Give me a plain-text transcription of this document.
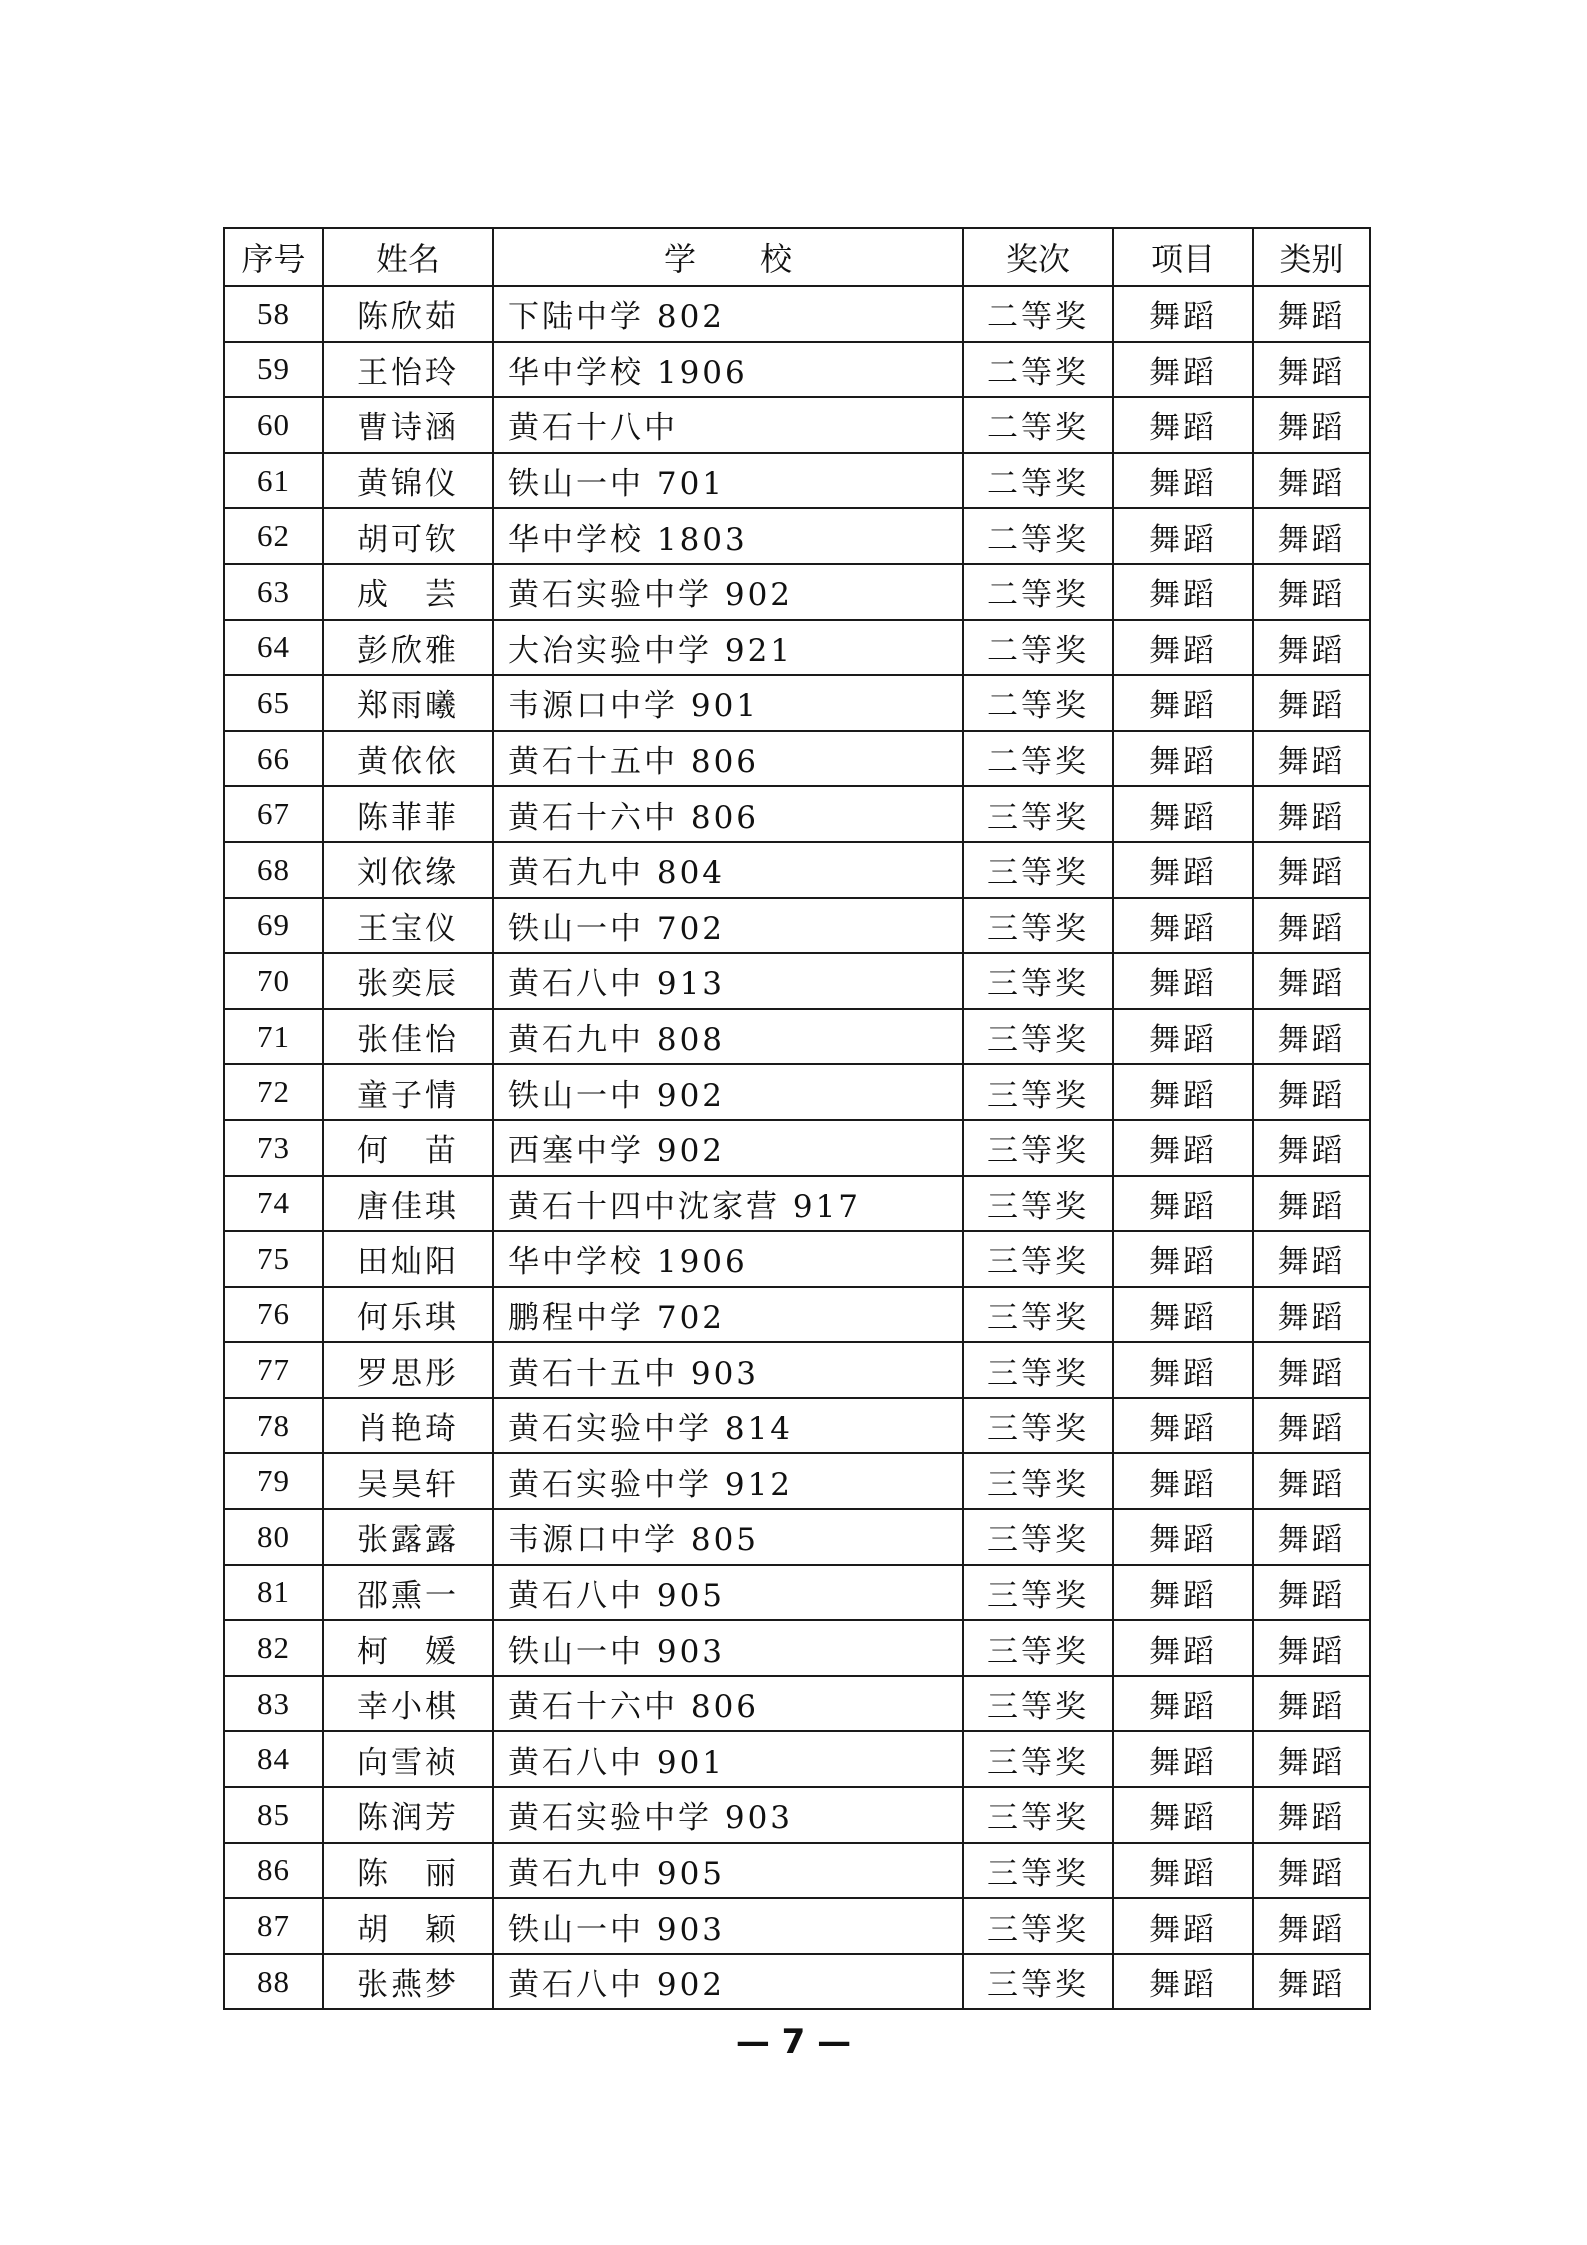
序号	姓名	学　　校	奖次	项目	类别
58	陈欣茹	下陆中学 802	二等奖	舞蹈	舞蹈
59	王怡玲	华中学校 1906	二等奖	舞蹈	舞蹈
60	曹诗涵	黄石十八中	二等奖	舞蹈	舞蹈
61	黄锦仪	铁山一中 701	二等奖	舞蹈	舞蹈
62	胡可钦	华中学校 1803	二等奖	舞蹈	舞蹈
63	成　芸	黄石实验中学 902	二等奖	舞蹈	舞蹈
64	彭欣雅	大冶实验中学 921	二等奖	舞蹈	舞蹈
65	郑雨曦	韦源口中学 901	二等奖	舞蹈	舞蹈
66	黄依依	黄石十五中 806	二等奖	舞蹈	舞蹈
67	陈菲菲	黄石十六中 806	三等奖	舞蹈	舞蹈
68	刘依缘	黄石九中 804	三等奖	舞蹈	舞蹈
69	王宝仪	铁山一中 702	三等奖	舞蹈	舞蹈
70	张奕辰	黄石八中 913	三等奖	舞蹈	舞蹈
71	张佳怡	黄石九中 808	三等奖	舞蹈	舞蹈
72	童子情	铁山一中 902	三等奖	舞蹈	舞蹈
73	何　苗	西塞中学 902	三等奖	舞蹈	舞蹈
74	唐佳琪	黄石十四中沈家营 917	三等奖	舞蹈	舞蹈
75	田灿阳	华中学校 1906	三等奖	舞蹈	舞蹈
76	何乐琪	鹏程中学 702	三等奖	舞蹈	舞蹈
77	罗思彤	黄石十五中 903	三等奖	舞蹈	舞蹈
78	肖艳琦	黄石实验中学 814	三等奖	舞蹈	舞蹈
79	吴昊轩	黄石实验中学 912	三等奖	舞蹈	舞蹈
80	张露露	韦源口中学 805	三等奖	舞蹈	舞蹈
81	邵熏一	黄石八中 905	三等奖	舞蹈	舞蹈
82	柯　媛	铁山一中 903	三等奖	舞蹈	舞蹈
83	幸小棋	黄石十六中 806	三等奖	舞蹈	舞蹈
84	向雪祯	黄石八中 901	三等奖	舞蹈	舞蹈
85	陈润芳	黄石实验中学 903	三等奖	舞蹈	舞蹈
86	陈　丽	黄石九中 905	三等奖	舞蹈	舞蹈
87	胡　颖	铁山一中 903	三等奖	舞蹈	舞蹈
88	张燕梦	黄石八中 902	三等奖	舞蹈	舞蹈
— 7 —
